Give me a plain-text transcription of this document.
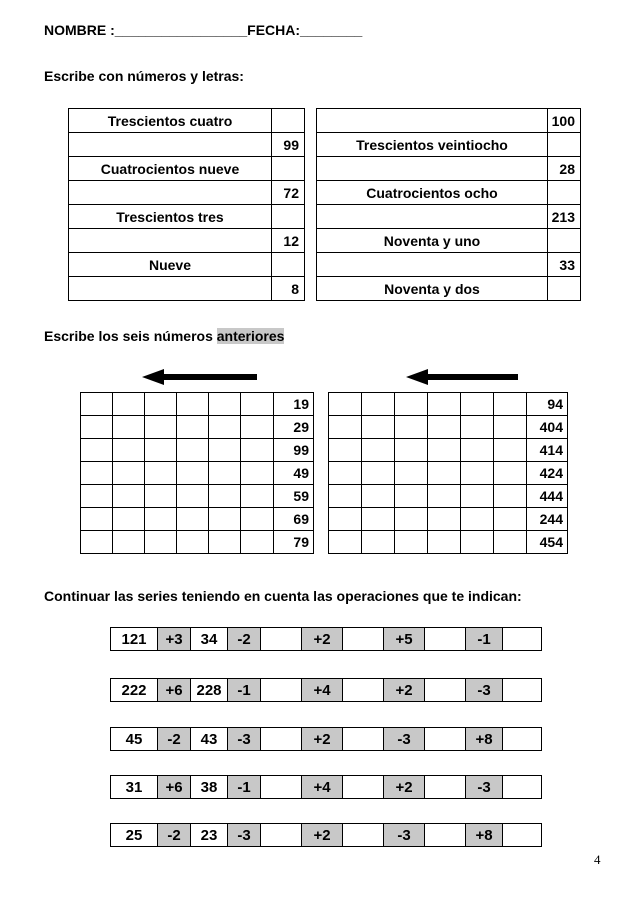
NOMBRE :_________________FECHA:________
Escribe con números y letras:
Trescientos cuatro	
	99
Cuatrocientos nueve	
	72
Trescientos tres	
	12
Nueve	
	8
	100
Trescientos veintiocho	
	28
Cuatrocientos ocho	
	213
Noventa y uno	
	33
Noventa y dos	
Escribe los seis números anteriores
						19
						29
						99
						49
						59
						69
						79
						94
						404
						414
						424
						444
						244
						454
Continuar las series teniendo en cuenta las operaciones que te indican:
121	+3	34	-2		+2		+5		-1	
222	+6	228	-1		+4		+2		-3	
45	-2	43	-3		+2		-3		+8	
31	+6	38	-1		+4		+2		-3	
25	-2	23	-3		+2		-3		+8	
4
